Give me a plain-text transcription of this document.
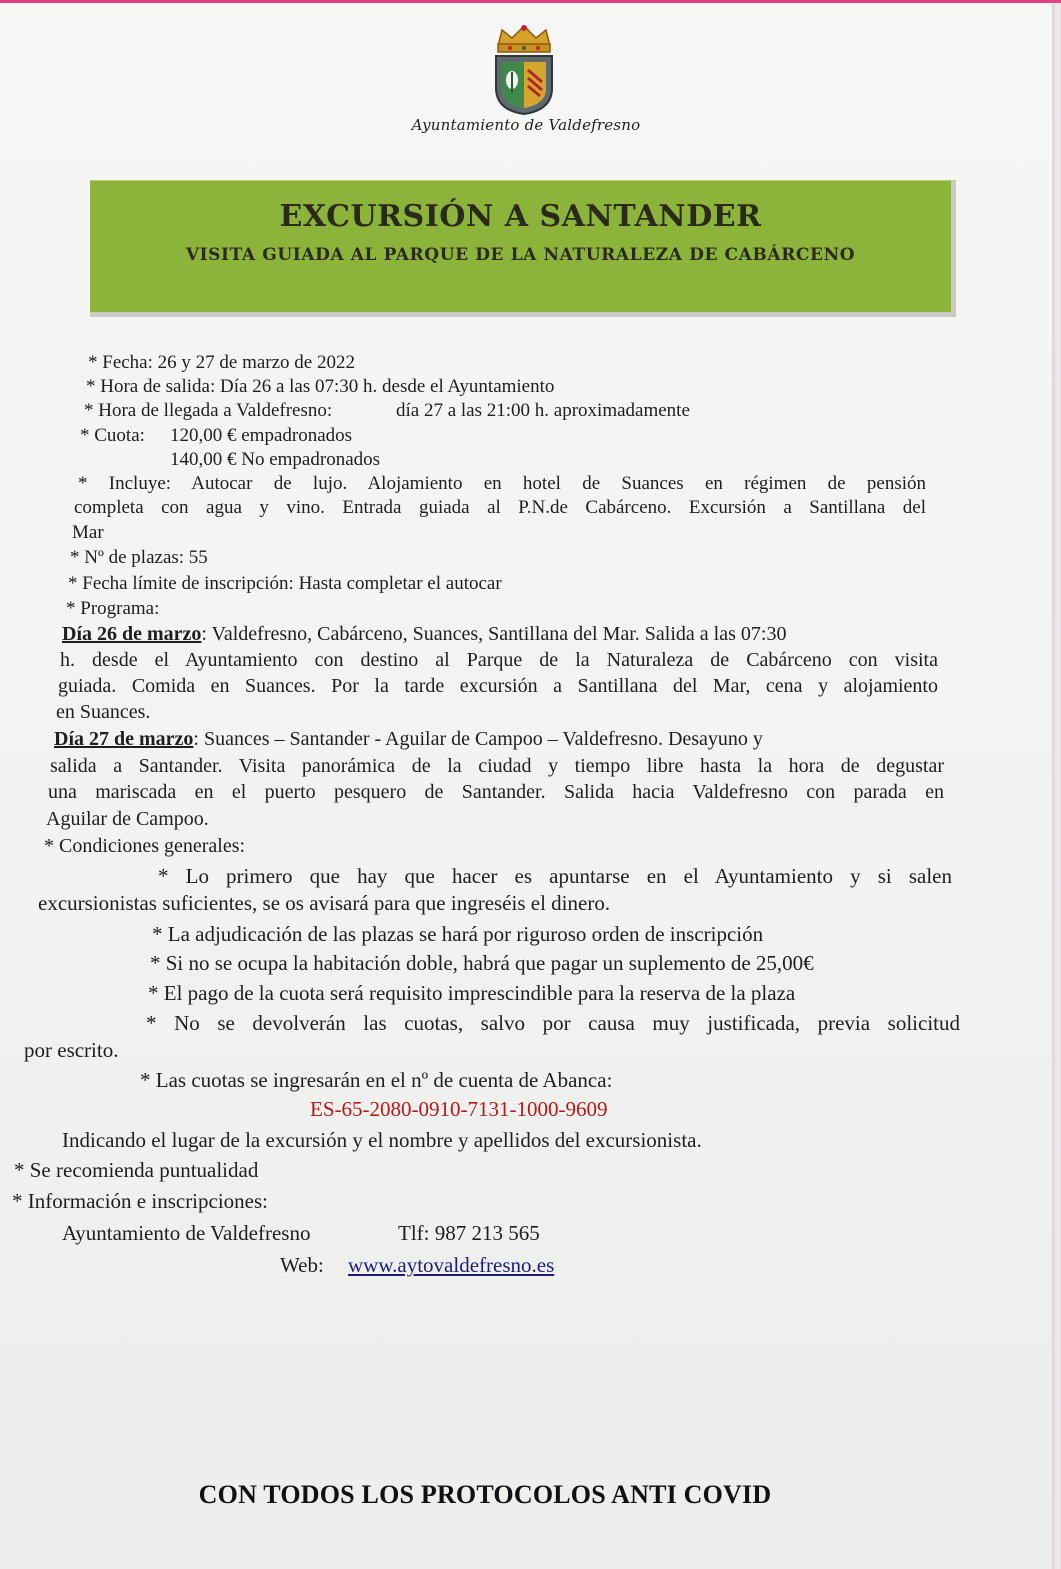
Ayuntamiento de Valdefresno
EXCURSIÓN A SANTANDER
VISITA GUIADA AL PARQUE DE LA NATURALEZA DE CABÁRCENO
* Fecha: 26 y 27 de marzo de 2022
* Hora de salida: Día 26 a las 07:30 h. desde el Ayuntamiento
* Hora de llegada a Valdefresno:	día 27 a las 21:00 h. aproximadamente
* Cuota: 120,00 € empadronados
140,00 € No empadronados
* Incluye: Autocar de lujo. Alojamiento en hotel de Suances en régimen de pensión
completa con agua y vino. Entrada guiada al P.N.de Cabárceno. Excursión a Santillana del
Mar
* Nº de plazas: 55
* Fecha límite de inscripción: Hasta completar el autocar
* Programa:
Día 26 de marzo: Valdefresno, Cabárceno, Suances, Santillana del Mar. Salida a las 07:30
h. desde el Ayuntamiento con destino al Parque de la Naturaleza de Cabárceno con visita
guiada. Comida en Suances. Por la tarde excursión a Santillana del Mar, cena y alojamiento
en Suances.
Día 27 de marzo: Suances – Santander - Aguilar de Campoo – Valdefresno. Desayuno y
salida a Santander. Visita panorámica de la ciudad y tiempo libre hasta la hora de degustar
una mariscada en el puerto pesquero de Santander. Salida hacia Valdefresno con parada en
Aguilar de Campoo.
* Condiciones generales:
* Lo primero que hay que hacer es apuntarse en el Ayuntamiento y si salen
excursionistas suficientes, se os avisará para que ingreséis el dinero.
* La adjudicación de las plazas se hará por riguroso orden de inscripción
* Si no se ocupa la habitación doble, habrá que pagar un suplemento de 25,00€
* El pago de la cuota será requisito imprescindible para la reserva de la plaza
* No se devolverán las cuotas, salvo por causa muy justificada, previa solicitud
por escrito.
* Las cuotas se ingresarán en el nº de cuenta de Abanca:
ES-65-2080-0910-7131-1000-9609
Indicando el lugar de la excursión y el nombre y apellidos del excursionista.
* Se recomienda puntualidad
* Información e inscripciones:
Ayuntamiento de Valdefresno	Tlf: 987 213 565
Web: www.aytovaldefresno.es
CON TODOS LOS PROTOCOLOS ANTI COVID
